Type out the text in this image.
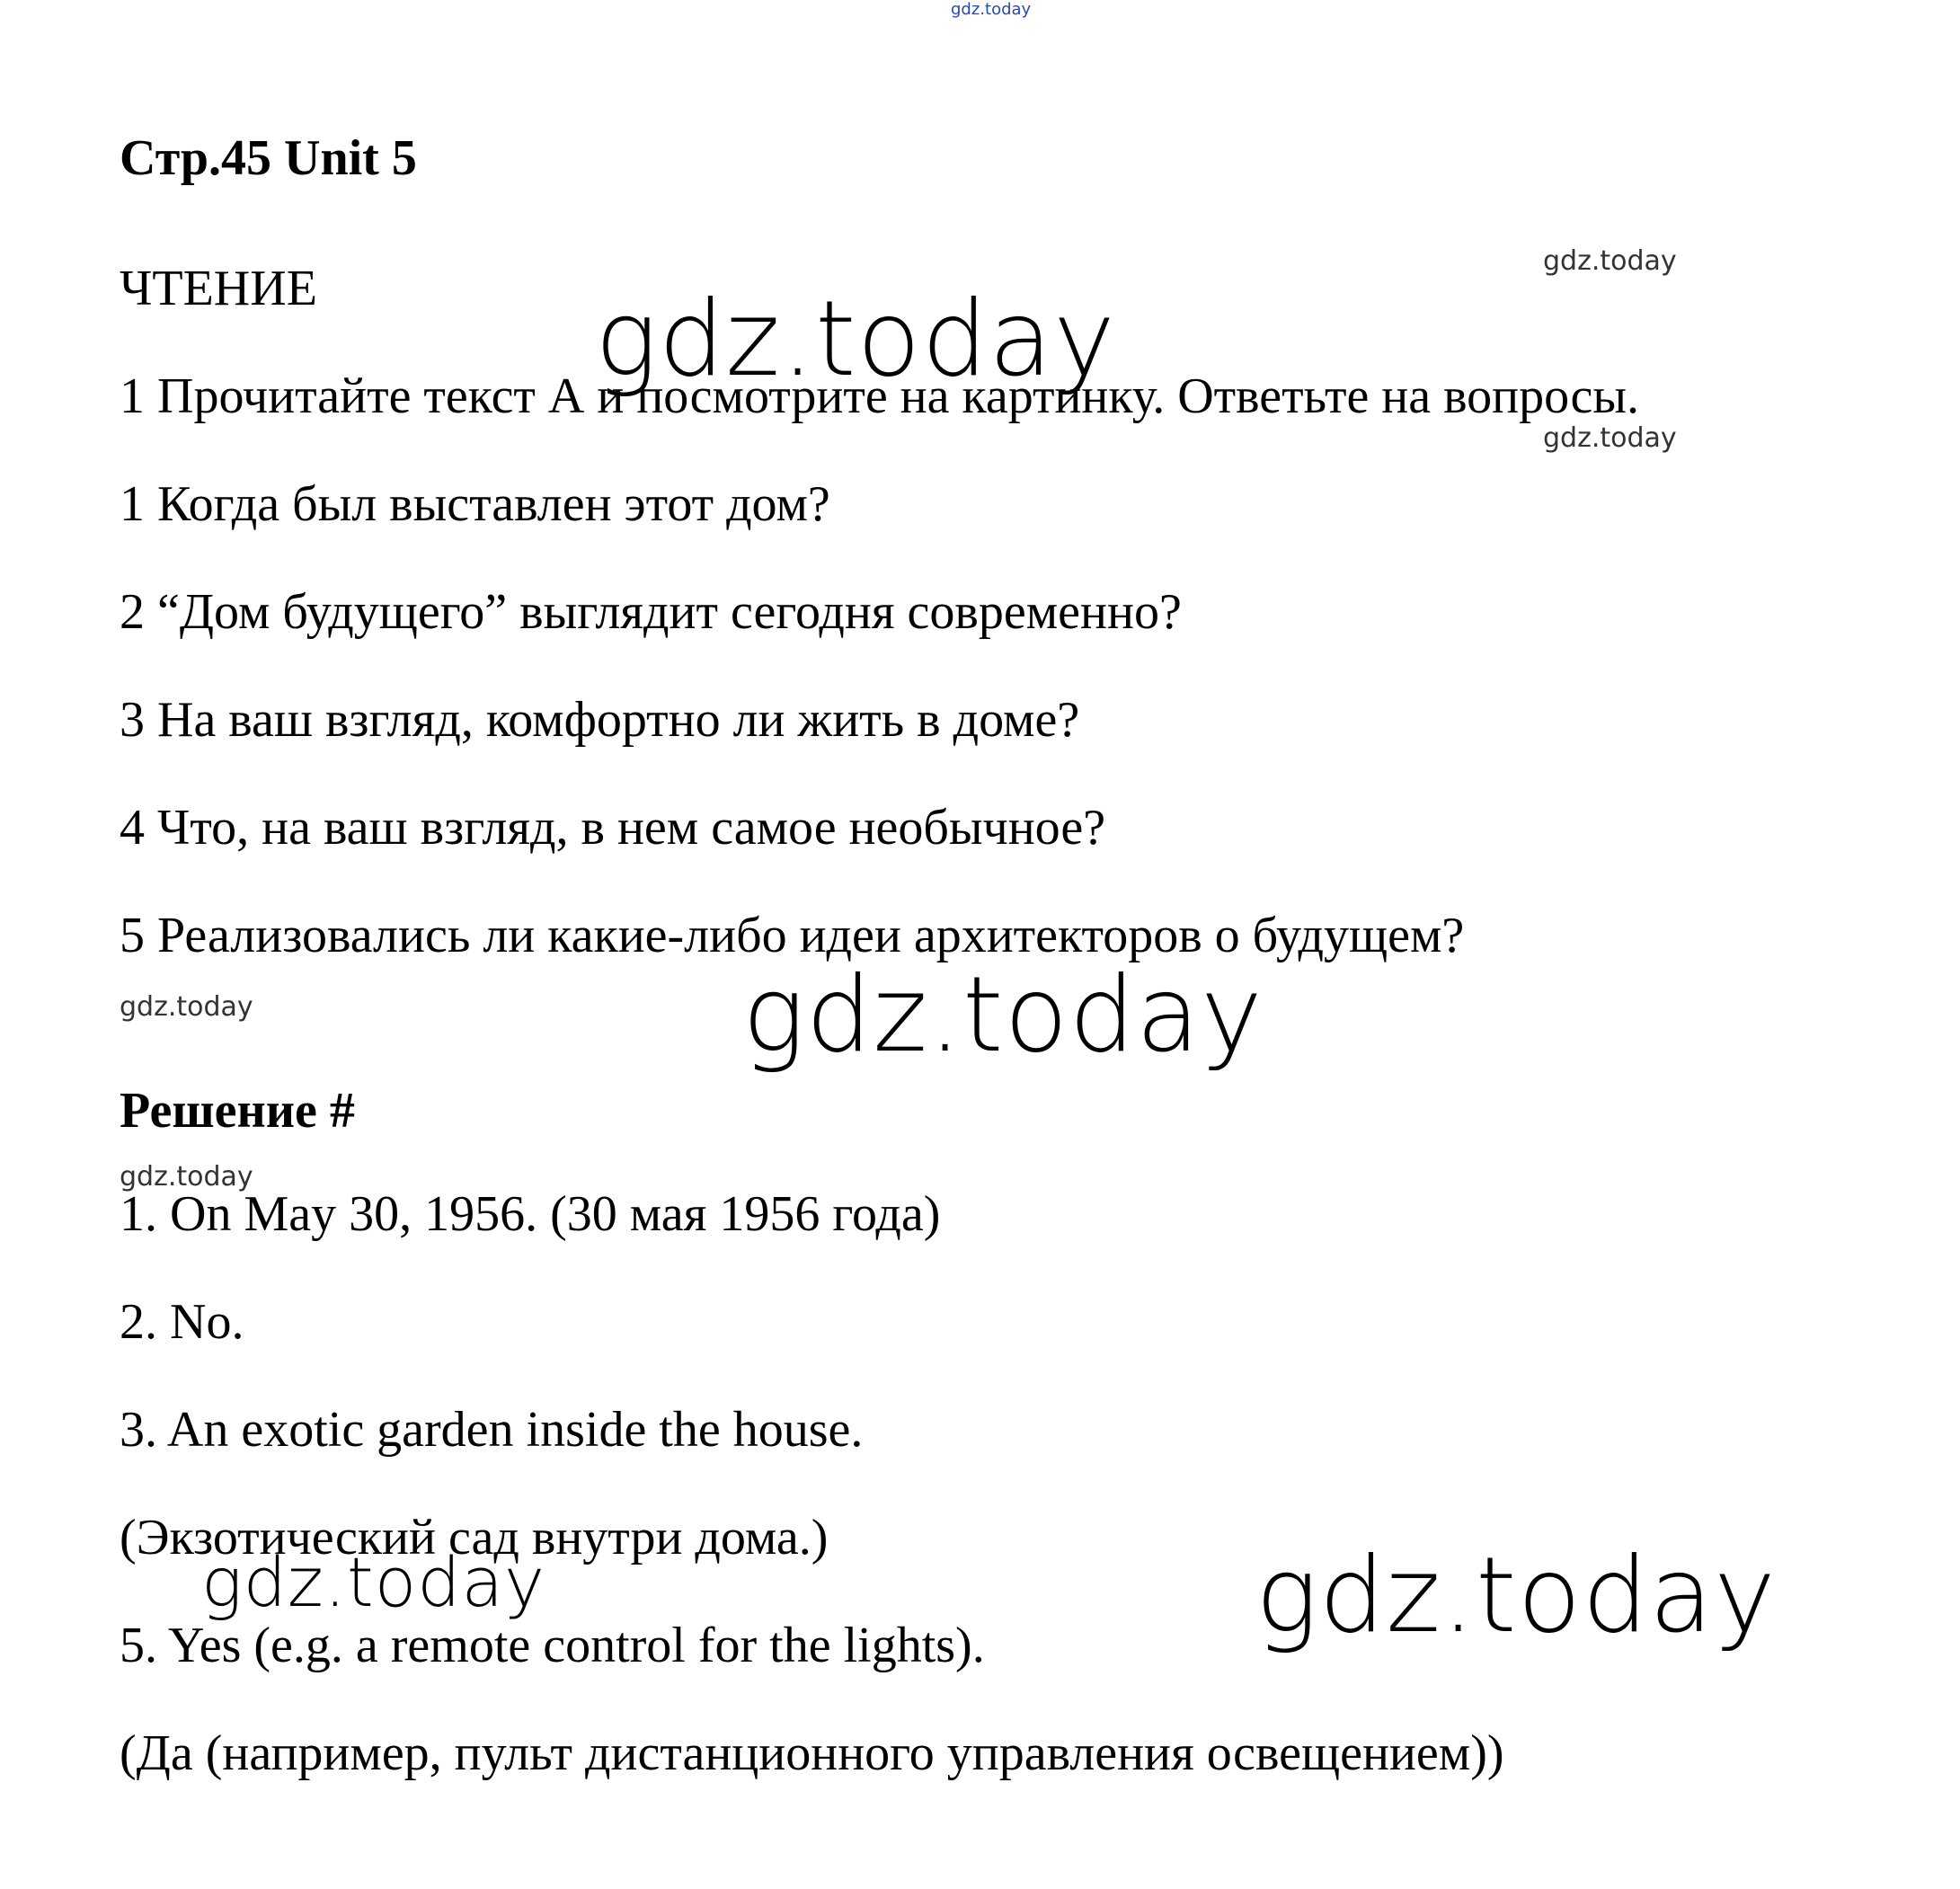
gdz.today
gdz.today
gdz.today
gdz.today
gdz.today	gdz.today
gdz.today
gdz.today	gdz.today
Стр.45 Unit 5
ЧТЕНИЕ
1 Прочитайте текст А и посмотрите на картинку. Ответьте на вопросы.
1 Когда был выставлен этот дом?
2 “Дом будущего” выглядит сегодня современно?
3 На ваш взгляд, комфортно ли жить в доме?
4 Что, на ваш взгляд, в нем самое необычное?
5 Реализовались ли какие-либо идеи архитекторов о будущем?
Решение #
1. On May 30, 1956. (30 мая 1956 года)
2. No.
3. An exotic garden inside the house.
(Экзотический сад внутри дома.)
5. Yes (e.g. a remote control for the lights).
(Да (например, пульт дистанционного управления освещением))
